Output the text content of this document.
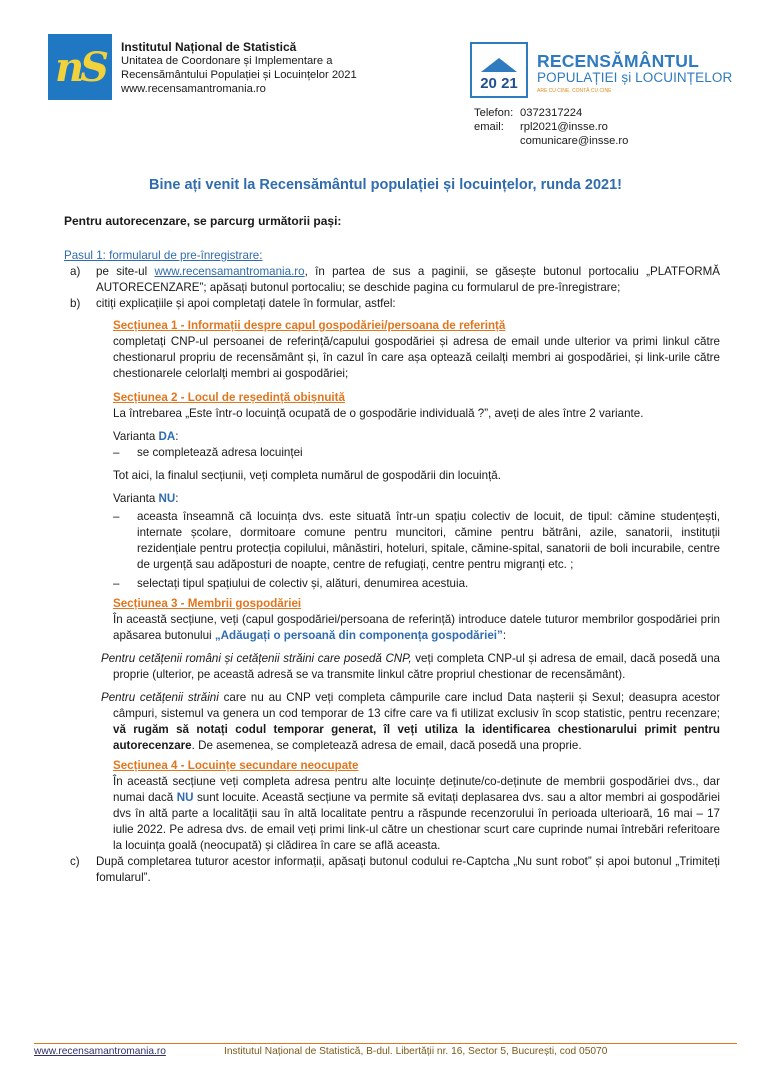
nS Institutul Național de Statistică
Unitatea de Coordonare și Implementare a
Recensământului Populației și Locuințelor 2021
www.recensamantromania.ro	20 21
RECENSĂMÂNTUL
POPULAȚIEI și LOCUINȚELOR
ARE CU CINE, CONTĂ CU CINE
Telefon: 0372317224
email:	rpl2021@insse.ro
comunicare@insse.ro
Bine ați venit la Recensământul populației și locuințelor, runda 2021!
Pentru autorecenzare, se parcurg următorii pași:
Pasul 1: formularul de pre-înregistrare:
a)	pe site-ul www.recensamantromania.ro, în partea de sus a paginii, se găsește butonul portocaliu „PLATFORMĂ AUTORECENZARE”; apăsați butonul portocaliu; se deschide pagina cu formularul de pre-înregistrare;
b)	citiți explicațiile și apoi completați datele în formular, astfel:
Secțiunea 1 - Informații despre capul gospodăriei/persoana de referință

completați CNP-ul persoanei de referință/capului gospodăriei și adresa de email unde ulterior va primi linkul către chestionarul propriu de recensământ și, în cazul în care așa optează ceilalți membri ai gospodăriei, și link-urile către chestionarele celorlalți membri ai gospodăriei;

Secțiunea 2 - Locul de reședință obișnuită

La întrebarea „Este într-o locuință ocupată de o gospodărie individuală ?”, aveți de ales între 2 variante.

Varianta DA:

–	se completează adresa locuinței

Tot aici, la finalul secțiunii, veți completa numărul de gospodării din locuință.

Varianta NU:

–	aceasta înseamnă că locuința dvs. este situată într-un spațiu colectiv de locuit, de tipul: cămine studențești, internate școlare, dormitoare comune pentru muncitori, cămine pentru bătrâni, azile, sanatorii, instituții rezidențiale pentru protecția copilului, mânăstiri, hoteluri, spitale, cămine-spital, sanatorii de boli incurabile, centre de urgență sau adăposturi de noapte, centre de refugiați, centre pentru migranți etc. ;
–	selectați tipul spațiului de colectiv și, alături, denumirea acestuia.
Secțiunea 3 - Membrii gospodăriei

În această secțiune, veți (capul gospodăriei/persoana de referință) introduce datele tuturor membrilor gospodăriei prin apăsarea butonului „Adăugați o persoană din componența gospodăriei”:

Pentru cetățenii români și cetățenii străini care posedă CNP, veți completa CNP-ul și adresa de email, dacă posedă una proprie (ulterior, pe această adresă se va transmite linkul către propriul chestionar de recensământ).

Pentru cetățenii străini care nu au CNP veți completa câmpurile care includ Data nașterii și Sexul; deasupra acestor câmpuri, sistemul va genera un cod temporar de 13 cifre care va fi utilizat exclusiv în scop statistic, pentru recenzare; vă rugăm să notați codul temporar generat, îl veți utiliza la identificarea chestionarului primit pentru autorecenzare. De asemenea, se completează adresa de email, dacă posedă una proprie.

Secțiunea 4 - Locuințe secundare neocupate

În această secțiune veți completa adresa pentru alte locuințe deținute/co-deținute de membrii gospodăriei dvs., dar numai dacă NU sunt locuite. Această secțiune va permite să evitați deplasarea dvs. sau a altor membri ai gospodăriei dvs în altă parte a localității sau în altă localitate pentru a răspunde recenzorului în perioada ulterioară, 16 mai – 17 iulie 2022. Pe adresa dvs. de email veți primi link-ul către un chestionar scurt care cuprinde numai întrebări referitoare la locuința goală (neocupată) și clădirea în care se află aceasta.

c)	După completarea tuturor acestor informații, apăsați butonul codului re-Captcha „Nu sunt robot” și apoi butonul „Trimiteți fomularul”.
www.recensamantromania.ro	Institutul Național de Statistică, B-dul. Libertății nr. 16, Sector 5, București, cod 05070
